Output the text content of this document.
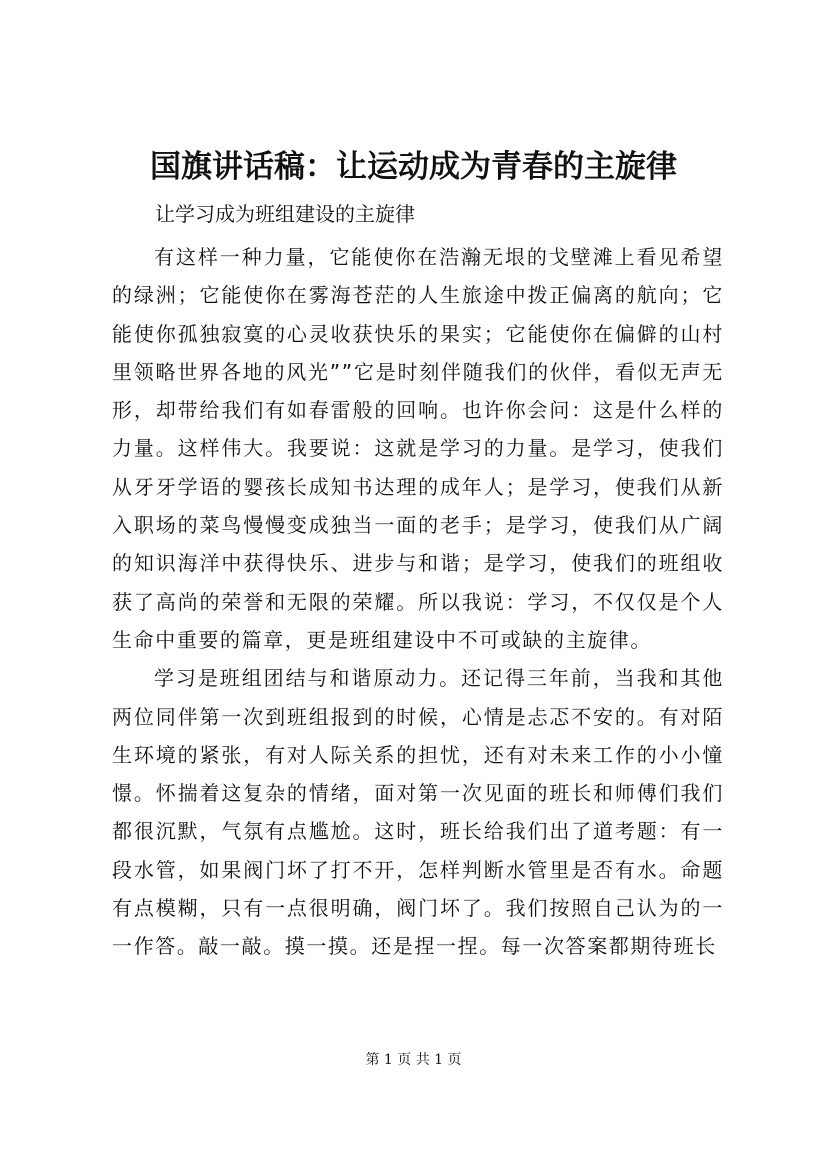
国旗讲话稿：让运动成为青春的主旋律

让学习成为班组建设的主旋律

有这样一种力量，它能使你在浩瀚无垠的戈壁滩上看见希望的绿洲；它能使你在雾海苍茫的人生旅途中拨正偏离的航向；它能使你孤独寂寞的心灵收获快乐的果实；它能使你在偏僻的山村里领略世界各地的风光””它是时刻伴随我们的伙伴，看似无声无形，却带给我们有如春雷般的回响。也许你会问：这是什么样的力量。这样伟大。我要说：这就是学习的力量。是学习，使我们从牙牙学语的婴孩长成知书达理的成年人；是学习，使我们从新入职场的菜鸟慢慢变成独当一面的老手；是学习，使我们从广阔的知识海洋中获得快乐、进步与和谐；是学习，使我们的班组收获了高尚的荣誉和无限的荣耀。所以我说：学习，不仅仅是个人生命中重要的篇章，更是班组建设中不可或缺的主旋律。

学习是班组团结与和谐原动力。还记得三年前，当我和其他两位同伴第一次到班组报到的时候，心情是忐忑不安的。有对陌生环境的紧张，有对人际关系的担忧，还有对未来工作的小小憧憬。怀揣着这复杂的情绪，面对第一次见面的班长和师傅们我们都很沉默，气氛有点尴尬。这时，班长给我们出了道考题：有一段水管，如果阀门坏了打不开，怎样判断水管里是否有水。命题有点模糊，只有一点很明确，阀门坏了。我们按照自己认为的一一作答。敲一敲。摸一摸。还是捏一捏。每一次答案都期待班长

第 1 页 共 1 页
